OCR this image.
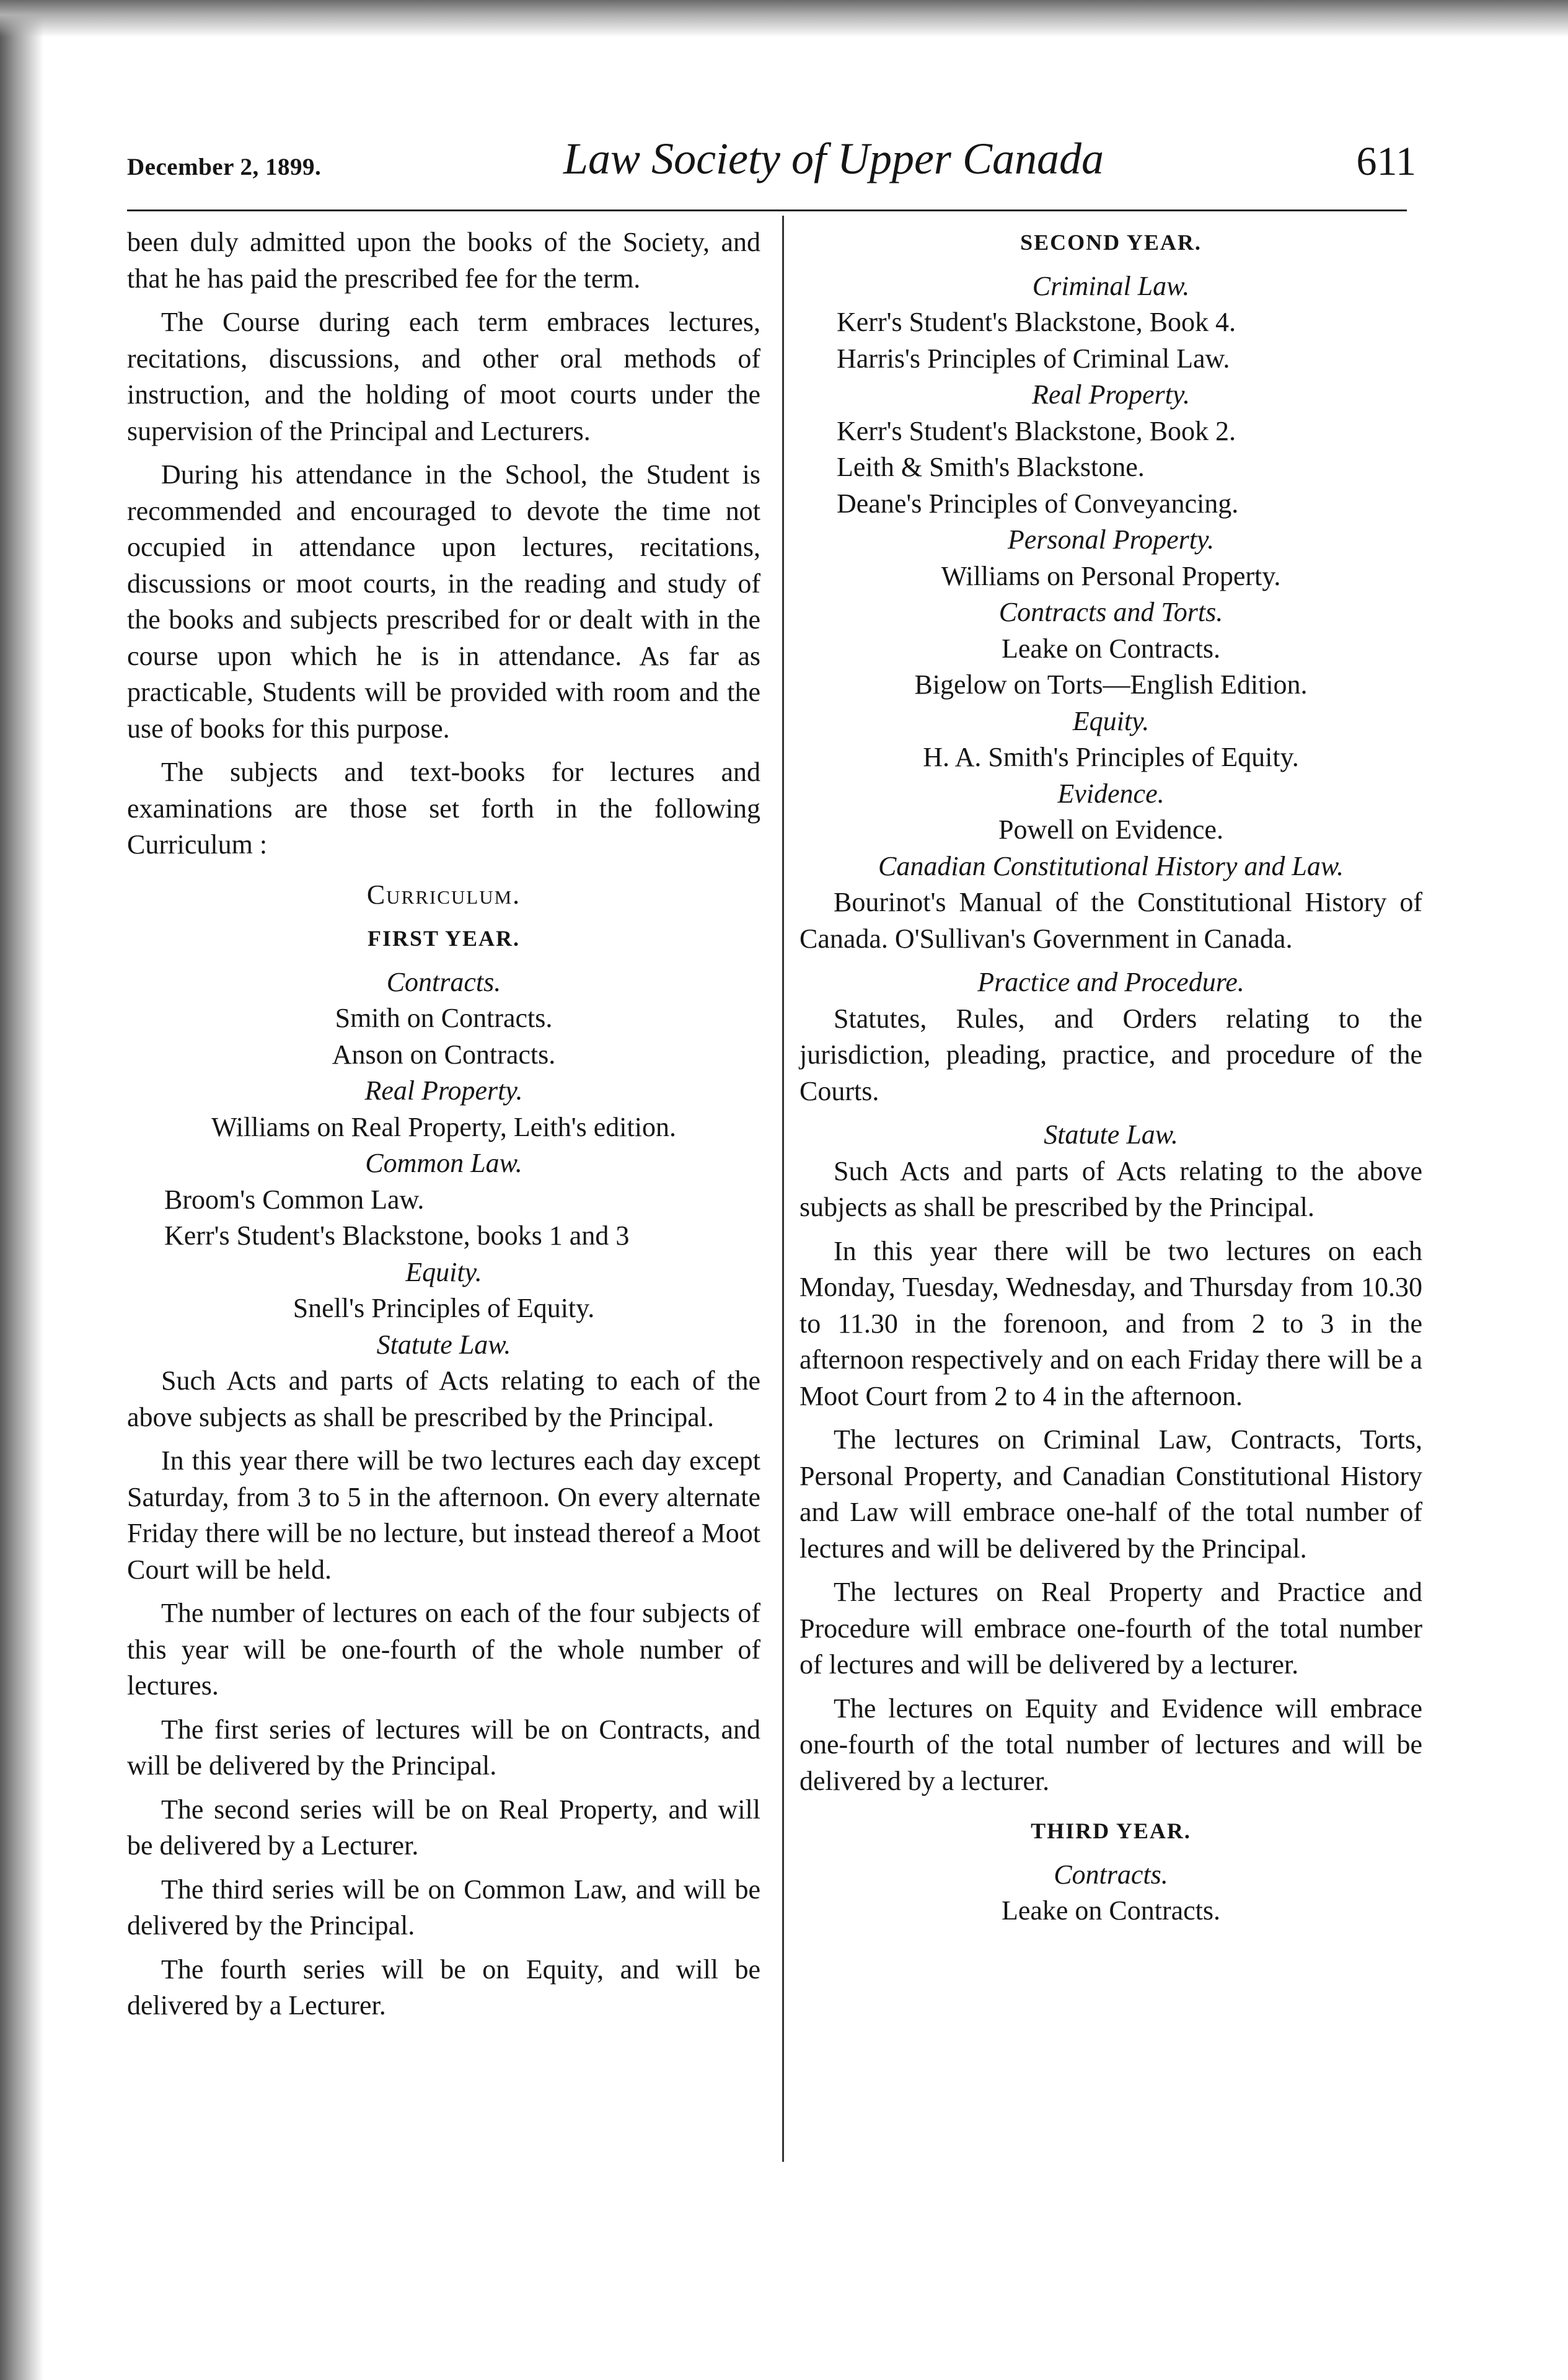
December 2, 1899.	Law Society of Upper Canada	611

been duly admitted upon the books of the Society, and that he has paid the prescribed fee for the term.

The Course during each term embraces lectures, recitations, discussions, and other oral methods of instruction, and the holding of moot courts under the supervision of the Principal and Lecturers.

During his attendance in the School, the Student is recommended and encouraged to devote the time not occupied in attendance upon lectures, recitations, discussions or moot courts, in the reading and study of the books and subjects prescribed for or dealt with in the course upon which he is in attendance. As far as practicable, Students will be provided with room and the use of books for this purpose.

The subjects and text-books for lectures and examinations are those set forth in the following Curriculum :

Curriculum.

FIRST YEAR.

Contracts.

Smith on Contracts.

Anson on Contracts.

Real Property.

Williams on Real Property, Leith's edition.

Common Law.

Broom's Common Law.

Kerr's Student's Blackstone, books 1 and 3

Equity.

Snell's Principles of Equity.

Statute Law.

Such Acts and parts of Acts relating to each of the above subjects as shall be prescribed by the Principal.

In this year there will be two lectures each day except Saturday, from 3 to 5 in the afternoon. On every alternate Friday there will be no lecture, but instead thereof a Moot Court will be held.

The number of lectures on each of the four subjects of this year will be one-fourth of the whole number of lectures.

The first series of lectures will be on Contracts, and will be delivered by the Principal.

The second series will be on Real Property, and will be delivered by a Lecturer.

The third series will be on Common Law, and will be delivered by the Principal.

The fourth series will be on Equity, and will be delivered by a Lecturer.

SECOND YEAR.

Criminal Law.

Kerr's Student's Blackstone, Book 4.

Harris's Principles of Criminal Law.

Real Property.

Kerr's Student's Blackstone, Book 2.

Leith & Smith's Blackstone.

Deane's Principles of Conveyancing.

Personal Property.

Williams on Personal Property.

Contracts and Torts.

Leake on Contracts.

Bigelow on Torts—English Edition.

Equity.

H. A. Smith's Principles of Equity.

Evidence.

Powell on Evidence.

Canadian Constitutional History and Law.

Bourinot's Manual of the Constitutional History of Canada. O'Sullivan's Government in Canada.

Practice and Procedure.

Statutes, Rules, and Orders relating to the jurisdiction, pleading, practice, and procedure of the Courts.

Statute Law.

Such Acts and parts of Acts relating to the above subjects as shall be prescribed by the Principal.

In this year there will be two lectures on each Monday, Tuesday, Wednesday, and Thursday from 10.30 to 11.30 in the forenoon, and from 2 to 3 in the afternoon respectively and on each Friday there will be a Moot Court from 2 to 4 in the afternoon.

The lectures on Criminal Law, Contracts, Torts, Personal Property, and Canadian Constitutional History and Law will embrace one-half of the total number of lectures and will be delivered by the Principal.

The lectures on Real Property and Practice and Procedure will embrace one-fourth of the total number of lectures and will be delivered by a lecturer.

The lectures on Equity and Evidence will embrace one-fourth of the total number of lectures and will be delivered by a lecturer.

THIRD YEAR.

Contracts.

Leake on Contracts.
